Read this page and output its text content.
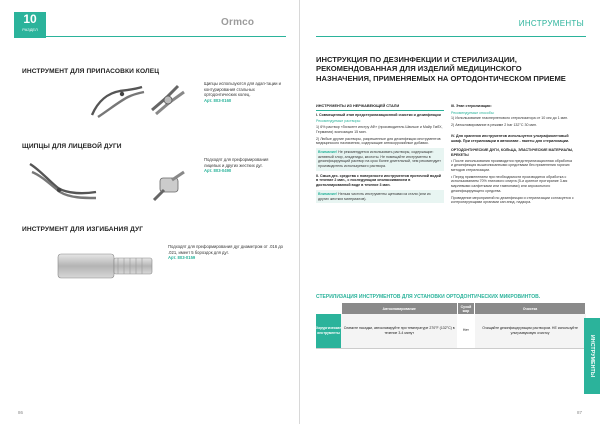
10
РАЗДЕЛ
Ormco
ИНСТРУМЕНТ ДЛЯ ПРИПАСОВКИ КОЛЕЦ
Щипцы используются для адап-тации и контурирования стальных ортодонтических колец.
Арт. 803-0160
ЩИПЦЫ ДЛЯ ЛИЦЕВОЙ ДУГИ
Подходят для преформирования лицевых и других жестких дуг.
Арт. 803-0490
ИНСТРУМЕНТ ДЛЯ ИЗГИБАНИЯ ДУГ
Подходят для преформирования дуг диаметром от .016 до .021, имеет 5 бороздок для дуг.
Арт. 803-0159
86
ИНСТРУМЕНТЫ
ИНСТРУКЦИЯ ПО ДЕЗИНФЕКЦИИ И СТЕРИЛИЗАЦИИ, РЕКОМЕНДОВАННАЯ ДЛЯ ИЗДЕЛИЙ МЕДИЦИНСКОГО НАЗНАЧЕНИЯ, ПРИМЕНЯЕМЫХ НА ОРТОДОНТИЧЕСКОМ ПРИЕМЕ
ИНСТРУМЕНТЫ ИЗ НЕРЖАВЕЮЩЕЙ СТАЛИ
I. Совмещенный этап предстерилизационной очистки и дезинфекции
Рекомендуемые растворы:

1) 6% раствор «Гигасепт инстру АФ» (производитель Шюльке и Майр ГмбХ, Германия) экспозиция 15 мин.

2) Любые другие растворы, разрешенные для дезинфекции инструментов медицинского назначения, содержащие антикоррозийные добавки.

Внимание! Не рекомендуется использовать растворы, содержащие: активный хлор, альдегиды, кислоты. Не помещайте инструменты в дезинфицирующий раствор на срок более длительный, чем рекомендует производитель используемого раствора.
II. Смыв дез. средства с поверхности инструментов проточной водой в течение 2 мин., с последующим ополаскиванием в дистиллированной воде в течение 3 мин.
Внимание! Нельзя чистить инструменты щетками из стали (или из других жестких материалов).
III. Этап стерилизации:
Рекомендуемые способы:

1) Использование гласперленового стерилизатора от 10 сек до 1 мин.

2) Автоклавирование в режиме 2 bar 132°С 30 мин.

IV. Для хранения инструментов используется ультрафиолетовый шкаф. При стерилизации в автоклаве - пакеты для стерилизации.
ОРТОДОНТИЧЕСКИЕ ДУГИ, КОЛЬЦА, ЭЛАСТИЧЕСКИЕ МАТЕРИАЛЫ, БРЕКЕТЫ

• После использования производится предстерилизационная обработка и дезинфекция вышеописанными средствами без применения горячих методов стерилизации.

• Перед применением при необходимости производится обработка с использованием 70% этилового спирта (5-и кратное протирание 3-мя марлевыми салфетками или тампонами) или аэрозольного дезинфицирующего средства.

Проведение мероприятий по дезинфекции и стерилизации согласуется с контролирующими органами сан.эпид. надзора.

СТЕРИЛИЗАЦИЯ ИНСТРУМЕНТОВ ДЛЯ УСТАНОВКИ ОРТОДОНТИЧЕСКИХ МИКРОВИНТОВ.
	Автоклавирование	Сухой жар	Очистка
Хирургические инструменты	Снимите насадки, автоклавируйте при температуре 270°F (132°C) в течение 3-4 минут	Нет	Очищайте дезинфицирующим раствором. НЕ используйте ультразвуковую очистку
ИНСТРУМЕНТЫ
87
